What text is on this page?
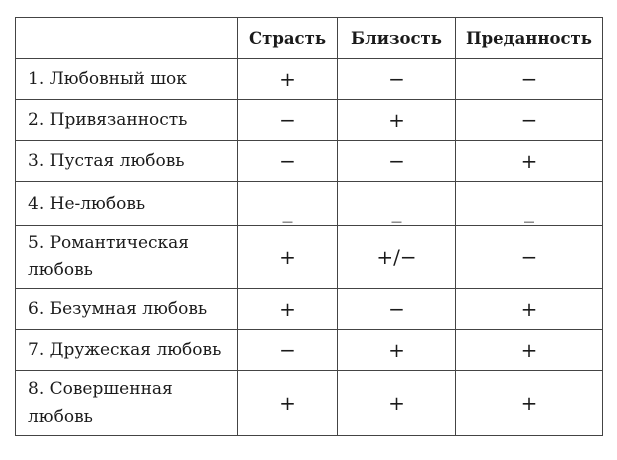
	Страсть	Близость	Преданность
1. Любовный шок	+	−	−
2. Привязанность	−	+	−
3. Пустая любовь	−	−	+
4. Не-любовь	_	_	_
5. Романтическая любовь	+	+/−	−
6. Безумная любовь	+	−	+
7. Дружеская любовь	−	+	+
8. Совершенная любовь	+	+	+
